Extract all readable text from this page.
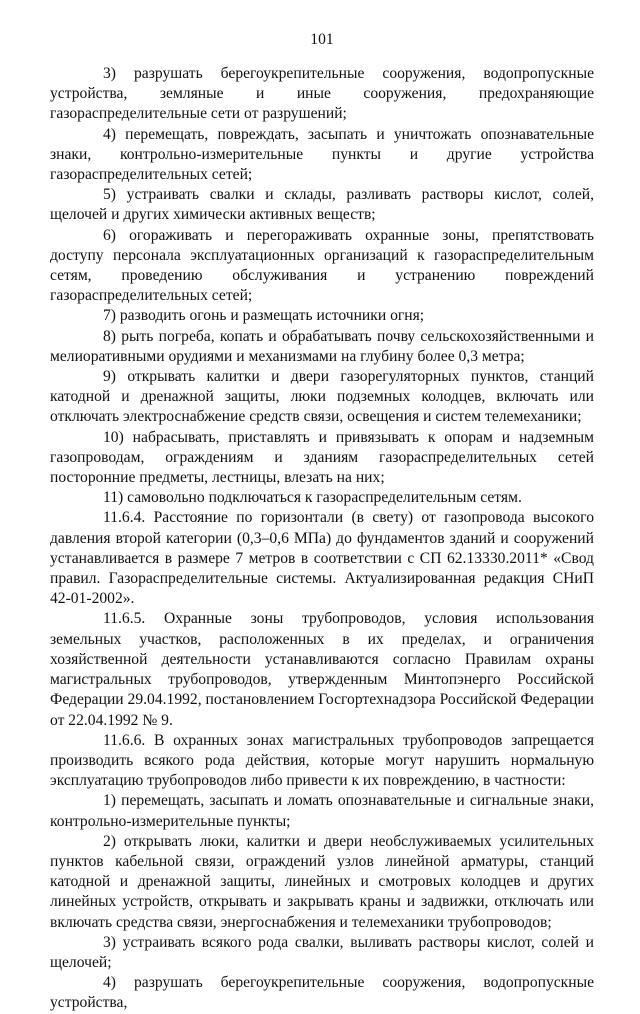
101

3) разрушать берегоукрепительные сооружения, водопропускные устройства, земляные и иные сооружения, предохраняющие газораспределительные сети от разрушений;

4) перемещать, повреждать, засыпать и уничтожать опознавательные знаки, контрольно-измерительные пункты и другие устройства газораспределительных сетей;

5) устраивать свалки и склады, разливать растворы кислот, солей, щелочей и других химически активных веществ;

6) огораживать и перегораживать охранные зоны, препятствовать доступу персонала эксплуатационных организаций к газораспределительным сетям, проведению обслуживания и устранению повреждений газораспределительных сетей;

7) разводить огонь и размещать источники огня;

8) рыть погреба, копать и обрабатывать почву сельскохозяйственными и мелиоративными орудиями и механизмами на глубину более 0,3 метра;

9) открывать калитки и двери газорегуляторных пунктов, станций катодной и дренажной защиты, люки подземных колодцев, включать или отключать электроснабжение средств связи, освещения и систем телемеханики;

10) набрасывать, приставлять и привязывать к опорам и надземным газопроводам, ограждениям и зданиям газораспределительных сетей посторонние предметы, лестницы, влезать на них;

11) самовольно подключаться к газораспределительным сетям.

11.6.4. Расстояние по горизонтали (в свету) от газопровода высокого давления второй категории (0,3–0,6 МПа) до фундаментов зданий и сооружений устанавливается в размере 7 метров в соответствии с СП 62.13330.2011* «Свод правил. Газораспределительные системы. Актуализированная редакция СНиП 42-01-2002».

11.6.5. Охранные зоны трубопроводов, условия использования земельных участков, расположенных в их пределах, и ограничения хозяйственной деятельности устанавливаются согласно Правилам охраны магистральных трубопроводов, утвержденным Минтопэнерго Российской Федерации 29.04.1992, постановлением Госгортехнадзора Российской Федерации от 22.04.1992 № 9.

11.6.6. В охранных зонах магистральных трубопроводов запрещается производить всякого рода действия, которые могут нарушить нормальную эксплуатацию трубопроводов либо привести к их повреждению, в частности:

1) перемещать, засыпать и ломать опознавательные и сигнальные знаки, контрольно-измерительные пункты;

2) открывать люки, калитки и двери необслуживаемых усилительных пунктов кабельной связи, ограждений узлов линейной арматуры, станций катодной и дренажной защиты, линейных и смотровых колодцев и других линейных устройств, открывать и закрывать краны и задвижки, отключать или включать средства связи, энергоснабжения и телемеханики трубопроводов;

3) устраивать всякого рода свалки, выливать растворы кислот, солей и щелочей;

4) разрушать берегоукрепительные сооружения, водопропускные устройства,
